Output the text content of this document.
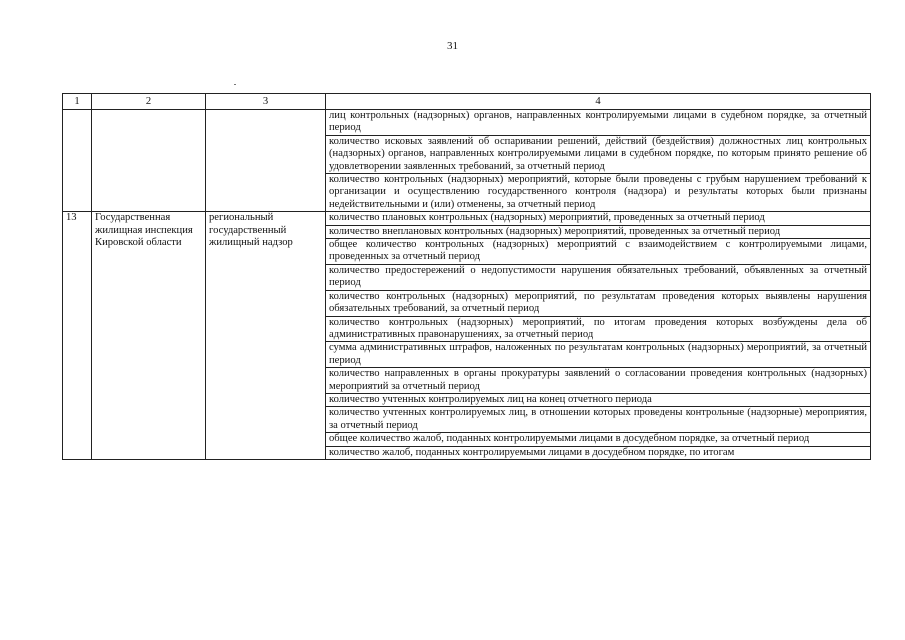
31
1	2	3	4
			лиц контрольных (надзорных) органов, направленных контролируемыми лицами в судебном порядке, за отчетный период
			количество исковых заявлений об оспаривании решений, действий (бездействия) должностных лиц контрольных (надзорных) органов, направленных контролируемыми лицами в судебном порядке, по которым принято решение об удовлетворении заявленных требований, за отчетный период
			количество контрольных (надзорных) мероприятий, которые были проведены с грубым нарушением требований к организации и осуществлению государственного контроля (надзора) и результаты которых были признаны недействительными и (или) отменены, за отчетный период
13	Государственная жилищная инспекция Кировской области	региональный государственный жилищный надзор	количество плановых контрольных (надзорных) мероприятий, проведенных за отчетный период
			количество внеплановых контрольных (надзорных) мероприятий, проведенных за отчетный период
			общее количество контрольных (надзорных) мероприятий с взаимодействием с контролируемыми лицами, проведенных за отчетный период
			количество предостережений о недопустимости нарушения обязательных требований, объявленных за отчетный период
			количество контрольных (надзорных) мероприятий, по результатам проведения которых выявлены нарушения обязательных требований, за отчетный период
			количество контрольных (надзорных) мероприятий, по итогам проведения которых возбуждены дела об административных правонарушениях, за отчетный период
			сумма административных штрафов, наложенных по результатам контрольных (надзорных) мероприятий, за отчетный период
			количество направленных в органы прокуратуры заявлений о согласовании проведения контрольных (надзорных) мероприятий за отчетный период
			количество учтенных контролируемых лиц на конец отчетного периода
			количество учтенных контролируемых лиц, в отношении которых проведены контрольные (надзорные) мероприятия, за отчетный период
			общее количество жалоб, поданных контролируемыми лицами в досудебном порядке, за отчетный период
			количество жалоб, поданных контролируемыми лицами в досудебном порядке, по итогам
